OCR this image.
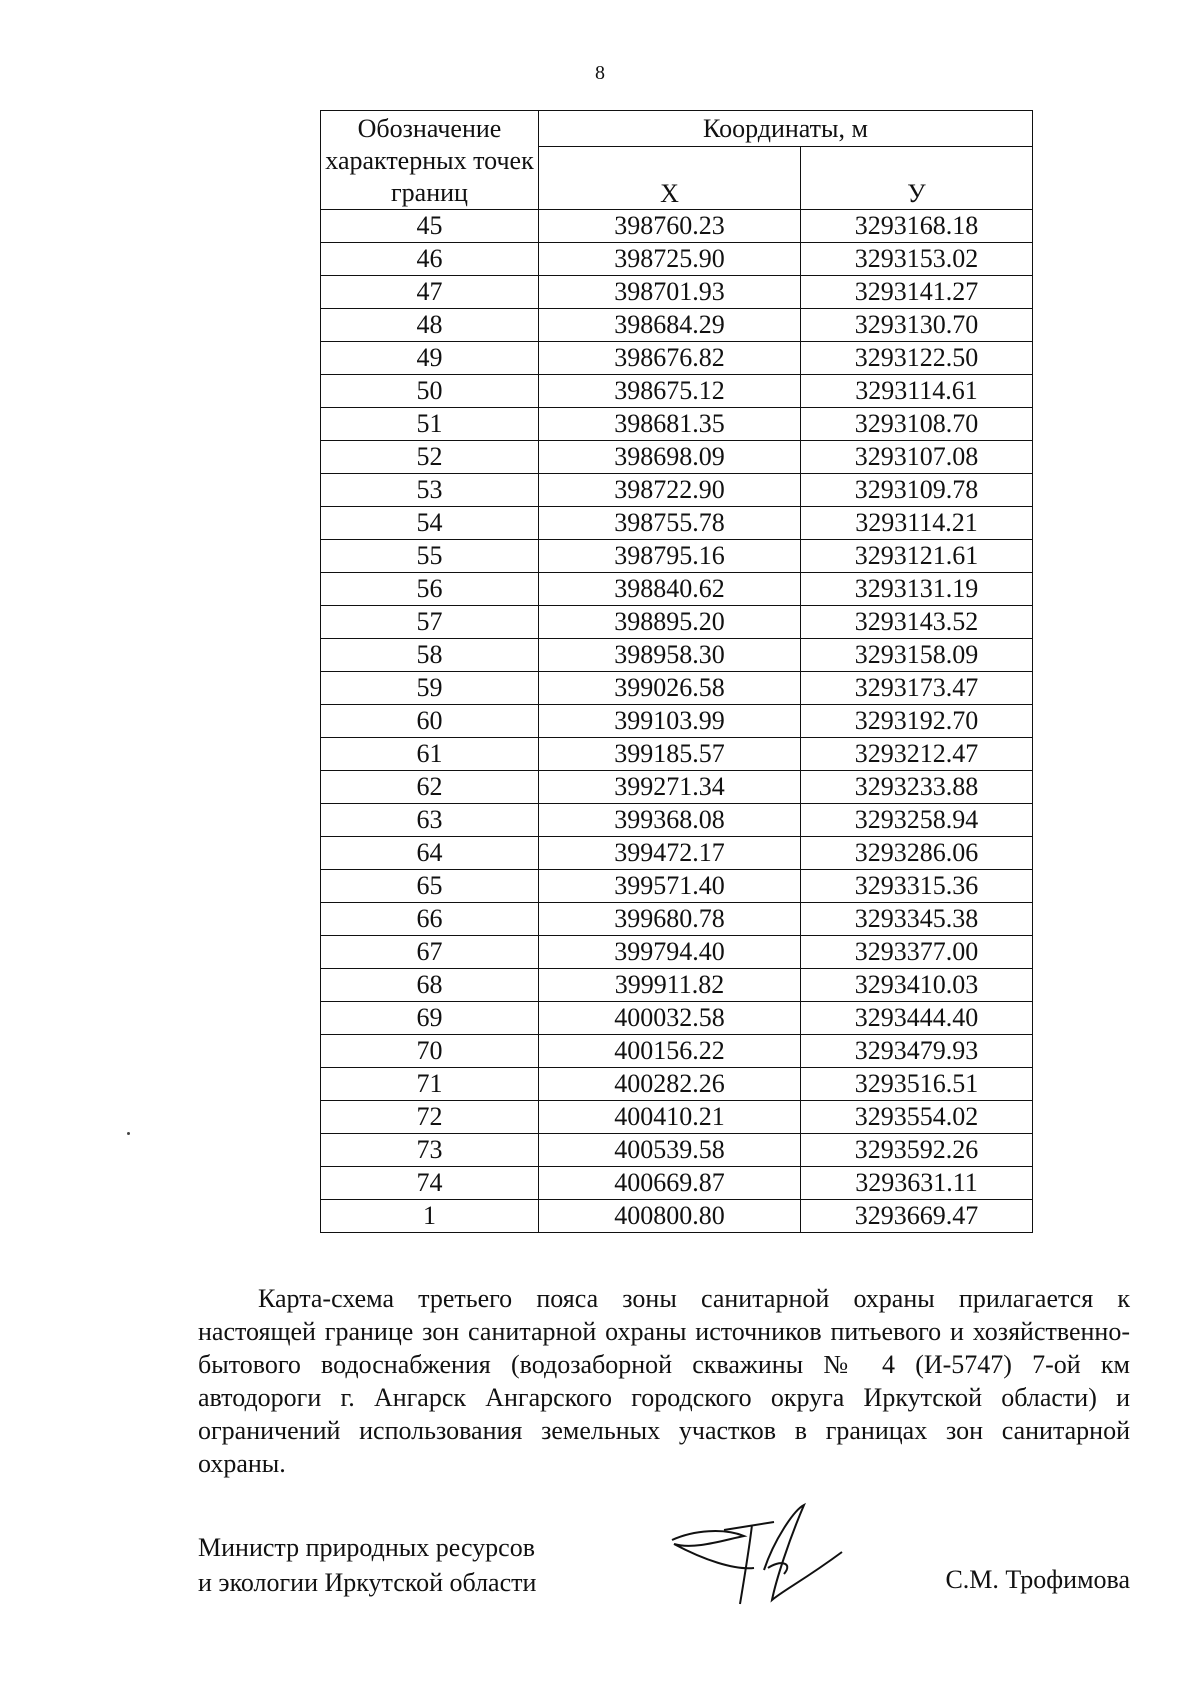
8
Обозначение характерных точек границ	Координаты, м	
	X	У
45	398760.23	3293168.18
46	398725.90	3293153.02
47	398701.93	3293141.27
48	398684.29	3293130.70
49	398676.82	3293122.50
50	398675.12	3293114.61
51	398681.35	3293108.70
52	398698.09	3293107.08
53	398722.90	3293109.78
54	398755.78	3293114.21
55	398795.16	3293121.61
56	398840.62	3293131.19
57	398895.20	3293143.52
58	398958.30	3293158.09
59	399026.58	3293173.47
60	399103.99	3293192.70
61	399185.57	3293212.47
62	399271.34	3293233.88
63	399368.08	3293258.94
64	399472.17	3293286.06
65	399571.40	3293315.36
66	399680.78	3293345.38
67	399794.40	3293377.00
68	399911.82	3293410.03
69	400032.58	3293444.40
70	400156.22	3293479.93
71	400282.26	3293516.51
72	400410.21	3293554.02
73	400539.58	3293592.26
74	400669.87	3293631.11
1	400800.80	3293669.47
Карта-схема третьего пояса зоны санитарной охраны прилагается к настоящей границе зон санитарной охраны источников питьевого и хозяйственно-бытового водоснабжения (водозаборной скважины № 4 (И-5747) 7-ой км автодороги г. Ангарск Ангарского городского округа Иркутской области) и ограничений использования земельных участков в границах зон санитарной охраны.
Министр природных ресурсов
и экологии Иркутской области	С.М. Трофимова
